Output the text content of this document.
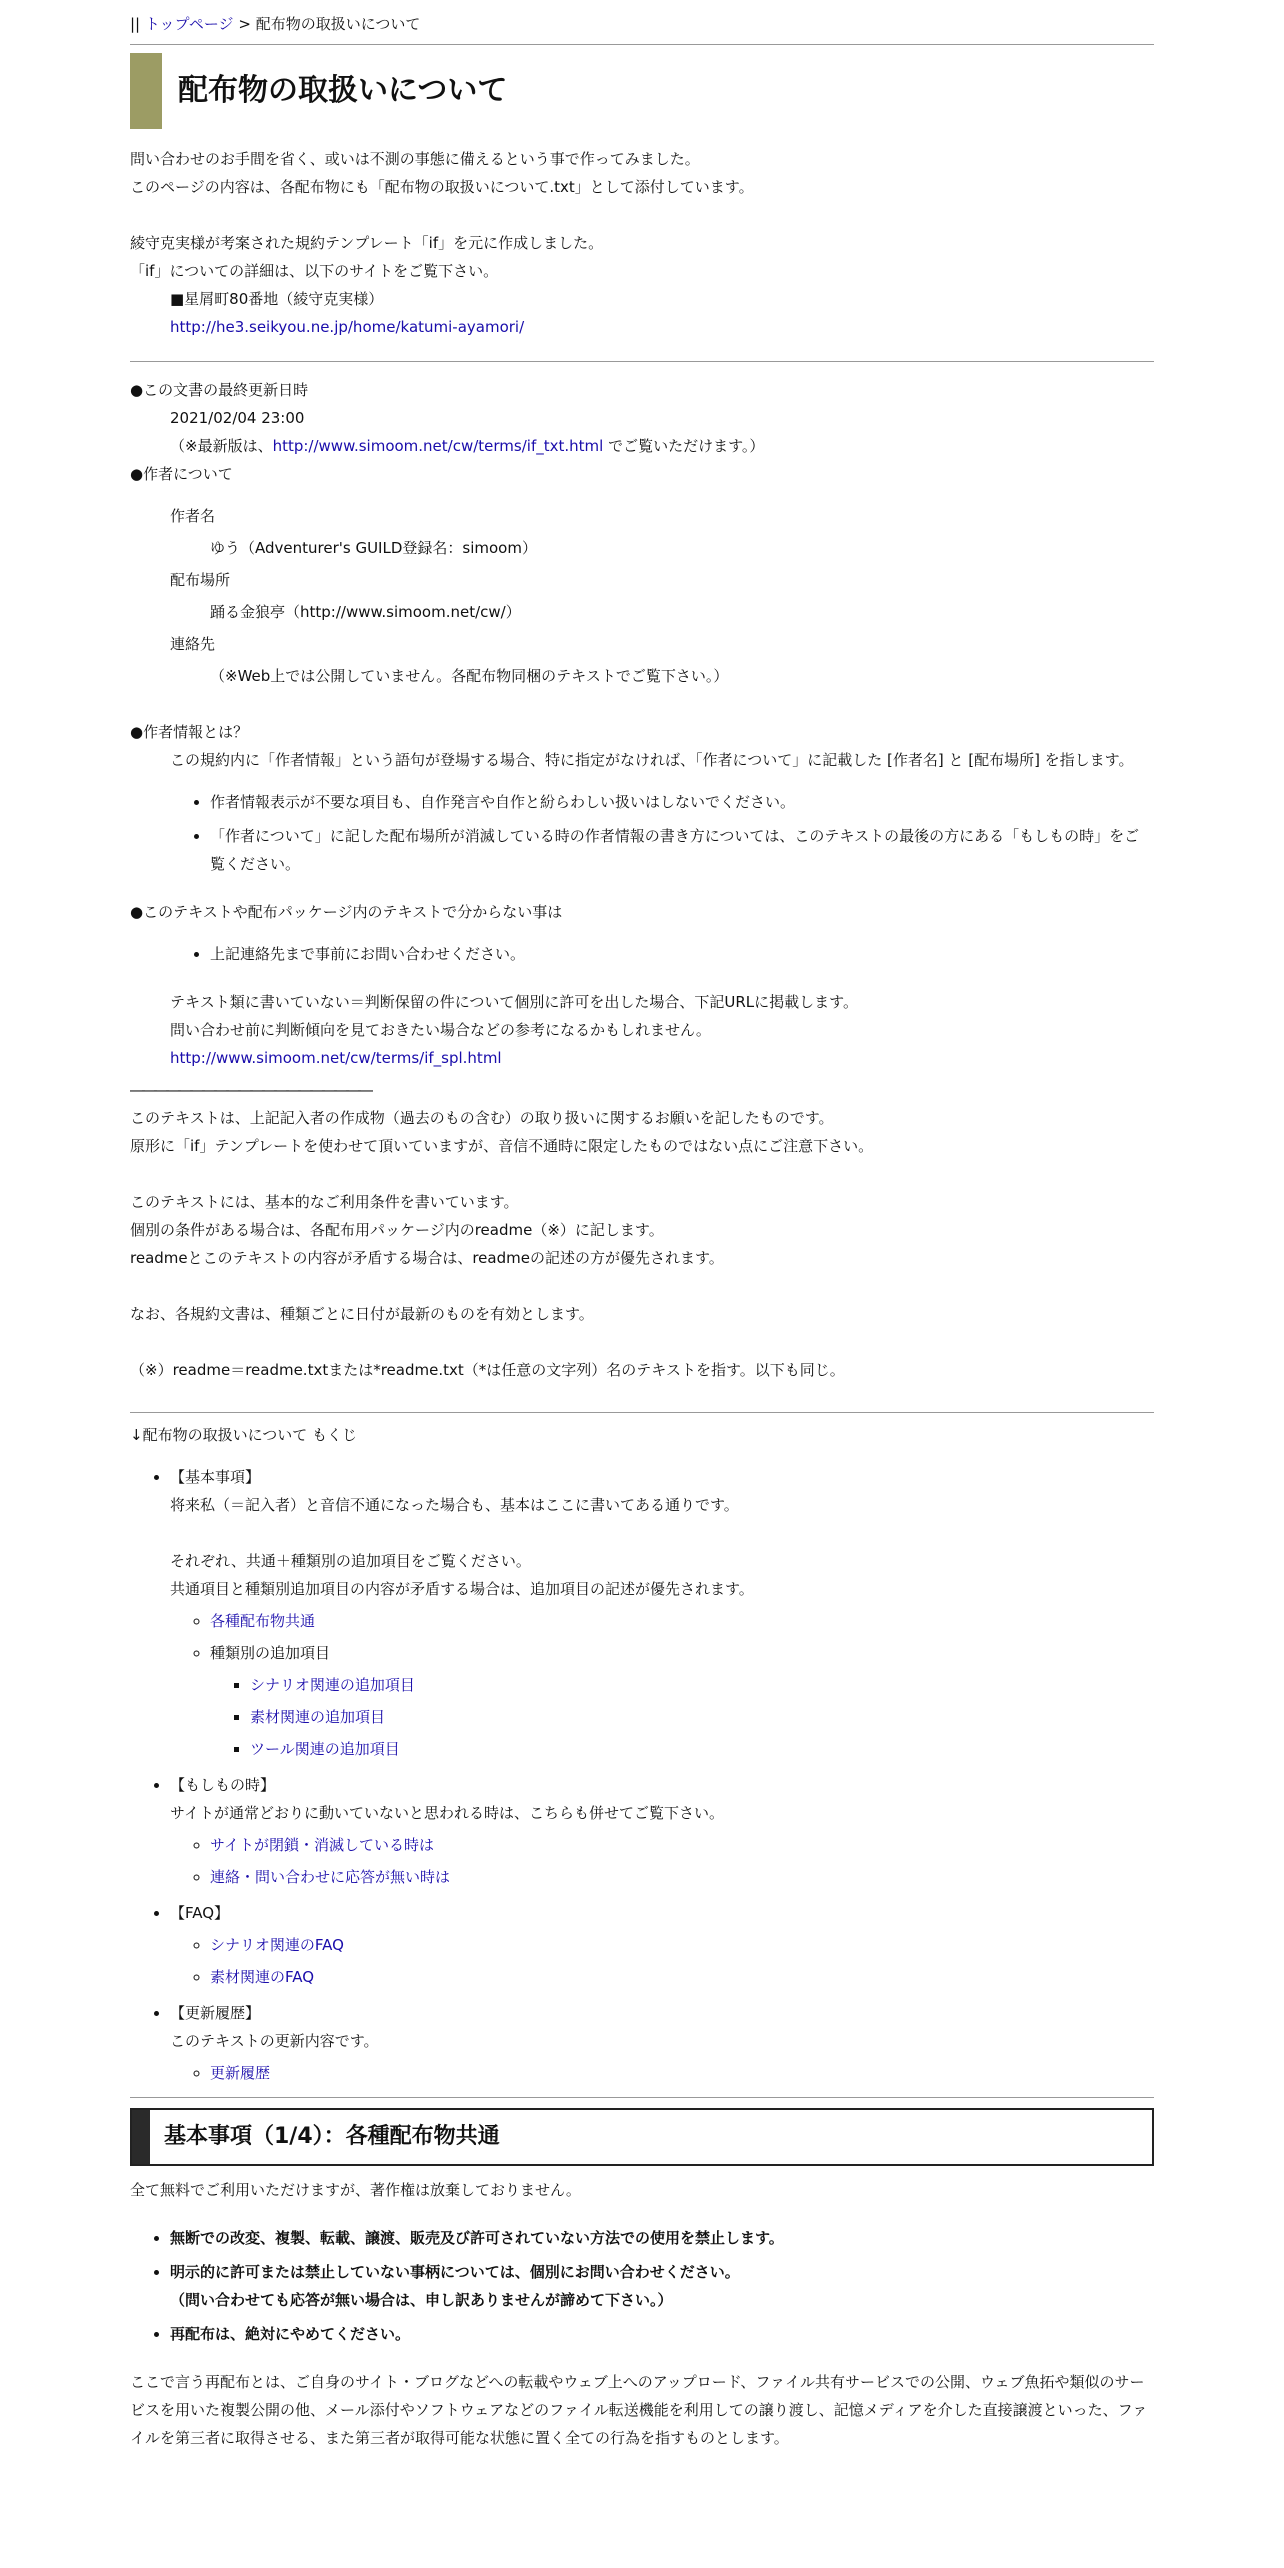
|| トップページ > 配布物の取扱いについて
配布物の取扱いについて

問い合わせのお手間を省く、或いは不測の事態に備えるという事で作ってみました。

このページの内容は、各配布物にも「配布物の取扱いについて.txt」として添付しています。

綾守克実様が考案された規約テンプレート「if」を元に作成しました。

「if」についての詳細は、以下のサイトをご覧下さい。

■星屑町80番地（綾守克実様）

http://he3.seikyou.ne.jp/home/katumi-ayamori/

●この文書の最終更新日時

2021/02/04 23:00

（※最新版は、http://www.simoom.net/cw/terms/if_txt.html でご覧いただけます。）

●作者について

作者名

ゆう（Adventurer's GUILD登録名：simoom）

配布場所

踊る金狼亭（http://www.simoom.net/cw/）

連絡先

（※Web上では公開していません。各配布物同梱のテキストでご覧下さい。）

●作者情報とは？

この規約内に「作者情報」という語句が登場する場合、特に指定がなければ、「作者について」に記載した [作者名] と [配布場所] を指します。

• 作者情報表示が不要な項目も、自作発言や自作と紛らわしい扱いはしないでください。
• 「作者について」に記した配布場所が消滅している時の作者情報の書き方については、このテキストの最後の方にある「もしもの時」をご覧ください。

●このテキストや配布パッケージ内のテキストで分からない事は

• 上記連絡先まで事前にお問い合わせください。

テキスト類に書いていない＝判断保留の件について個別に許可を出した場合、下記URLに掲載します。

問い合わせ前に判断傾向を見ておきたい場合などの参考になるかもしれません。

http://www.simoom.net/cw/terms/if_spl.html

――――――――――――――――――――

このテキストは、上記記入者の作成物（過去のもの含む）の取り扱いに関するお願いを記したものです。

原形に「if」テンプレートを使わせて頂いていますが、音信不通時に限定したものではない点にご注意下さい。

このテキストには、基本的なご利用条件を書いています。

個別の条件がある場合は、各配布用パッケージ内のreadme（※）に記します。

readmeとこのテキストの内容が矛盾する場合は、readmeの記述の方が優先されます。

なお、各規約文書は、種類ごとに日付が最新のものを有効とします。

（※）readme＝readme.txtまたは*readme.txt（*は任意の文字列）名のテキストを指す。以下も同じ。

↓配布物の取扱いについて もくじ

• 【基本事項】

将来私（＝記入者）と音信不通になった場合も、基本はここに書いてある通りです。

それぞれ、共通＋種類別の追加項目をご覧ください。

共通項目と種類別追加項目の内容が矛盾する場合は、追加項目の記述が優先されます。

◦ 各種配布物共通
◦ 種類別の追加項目
▪ シナリオ関連の追加項目
▪ 素材関連の追加項目
▪ ツール関連の追加項目
• 【もしもの時】

サイトが通常どおりに動いていないと思われる時は、こちらも併せてご覧下さい。

◦ サイトが閉鎖・消滅している時は
◦ 連絡・問い合わせに応答が無い時は
• 【FAQ】
◦ シナリオ関連のFAQ
◦ 素材関連のFAQ
• 【更新履歴】

このテキストの更新内容です。

◦ 更新履歴
基本事項（1/4）：各種配布物共通

全て無料でご利用いただけますが、著作権は放棄しておりません。

• 無断での改変、複製、転載、譲渡、販売及び許可されていない方法での使用を禁止します。
• 明示的に許可または禁止していない事柄については、個別にお問い合わせください。
（問い合わせても応答が無い場合は、申し訳ありませんが諦めて下さい。）
• 再配布は、絶対にやめてください。

ここで言う再配布とは、ご自身のサイト・ブログなどへの転載やウェブ上へのアップロード、ファイル共有サービスでの公開、ウェブ魚拓や類似のサービスを用いた複製公開の他、メール添付やソフトウェアなどのファイル転送機能を利用しての譲り渡し、記憶メディアを介した直接譲渡といった、ファイルを第三者に取得させる、また第三者が取得可能な状態に置く全ての行為を指すものとします。
